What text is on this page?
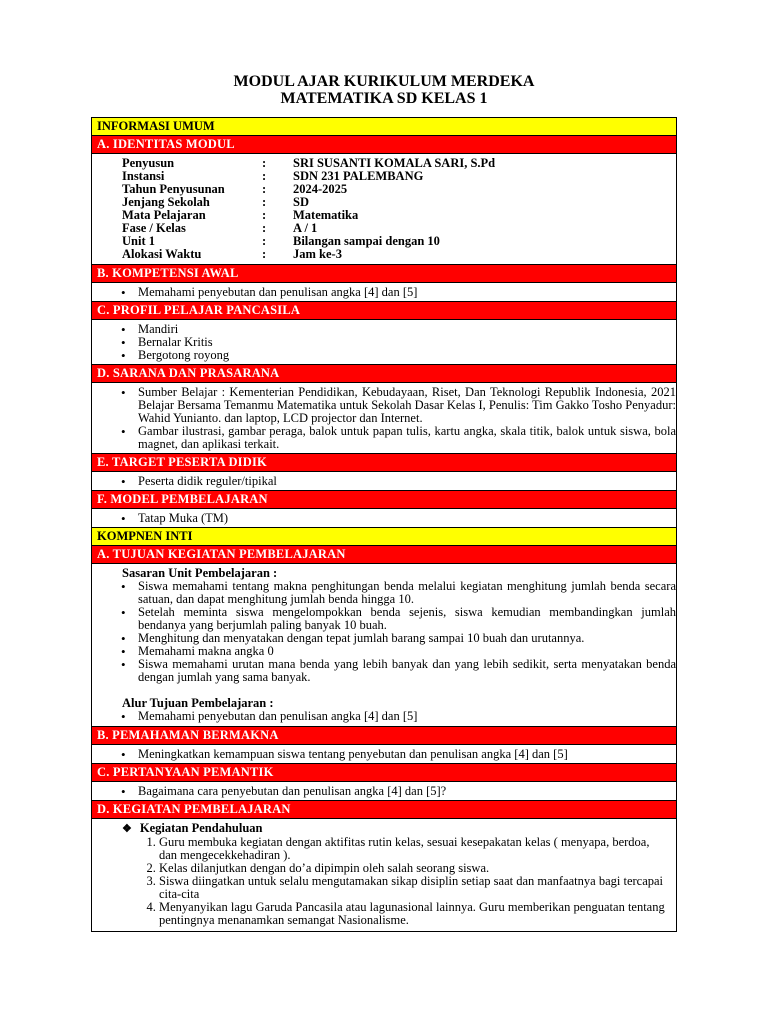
MODUL AJAR KURIKULUM MERDEKA
MATEMATIKA SD KELAS 1
INFORMASI UMUM
A. IDENTITAS MODUL
Penyusun	:	SRI SUSANTI KOMALA SARI, S.Pd
Instansi	:	SDN 231 PALEMBANG
Tahun Penyusunan	:	2024-2025
Jenjang Sekolah	:	SD
Mata Pelajaran	:	Matematika
Fase / Kelas	:	A / 1
Unit 1	:	Bilangan sampai dengan 10
Alokasi Waktu	:	Jam ke-3
B. KOMPETENSI AWAL
• Memahami penyebutan dan penulisan angka [4] dan [5]
C. PROFIL PELAJAR PANCASILA
• Mandiri
• Bernalar Kritis
• Bergotong royong
D. SARANA DAN PRASARANA
• Sumber Belajar : Kementerian Pendidikan, Kebudayaan, Riset, Dan Teknologi Republik Indonesia, 2021 Belajar Bersama Temanmu Matematika untuk Sekolah Dasar Kelas I, Penulis: Tim Gakko Tosho Penyadur: Wahid Yunianto. dan laptop, LCD projector dan Internet.
• Gambar ilustrasi, gambar peraga, balok untuk papan tulis, kartu angka, skala titik, balok untuk siswa, bola magnet, dan aplikasi terkait.
E. TARGET PESERTA DIDIK
• Peserta didik reguler/tipikal
F. MODEL PEMBELAJARAN
• Tatap Muka (TM)
KOMPNEN INTI
A. TUJUAN KEGIATAN PEMBELAJARAN
Sasaran Unit Pembelajaran :
• Siswa memahami tentang makna penghitungan benda melalui kegiatan menghitung jumlah benda secara satuan, dan dapat menghitung jumlah benda hingga 10.
• Setelah meminta siswa mengelompokkan benda sejenis, siswa kemudian membandingkan jumlah bendanya yang berjumlah paling banyak 10 buah.
• Menghitung dan menyatakan dengan tepat jumlah barang sampai 10 buah dan urutannya.
• Memahami makna angka 0
• Siswa memahami urutan mana benda yang lebih banyak dan yang lebih sedikit, serta menyatakan benda dengan jumlah yang sama banyak.
Alur Tujuan Pembelajaran :
• Memahami penyebutan dan penulisan angka [4] dan [5]
B. PEMAHAMAN BERMAKNA
• Meningkatkan kemampuan siswa tentang penyebutan dan penulisan angka [4] dan [5]
C. PERTANYAAN PEMANTIK
• Bagaimana cara penyebutan dan penulisan angka [4] dan [5]?
D. KEGIATAN PEMBELAJARAN
❖ Kegiatan Pendahuluan
1. Guru membuka kegiatan dengan aktifitas rutin kelas, sesuai kesepakatan kelas ( menyapa, berdoa, dan mengecekkehadiran ).
2. Kelas dilanjutkan dengan do’a dipimpin oleh salah seorang siswa.
3. Siswa diingatkan untuk selalu mengutamakan sikap disiplin setiap saat dan manfaatnya bagi tercapai cita-cita
4. Menyanyikan lagu Garuda Pancasila atau lagunasional lainnya. Guru memberikan penguatan tentang pentingnya menanamkan semangat Nasionalisme.
